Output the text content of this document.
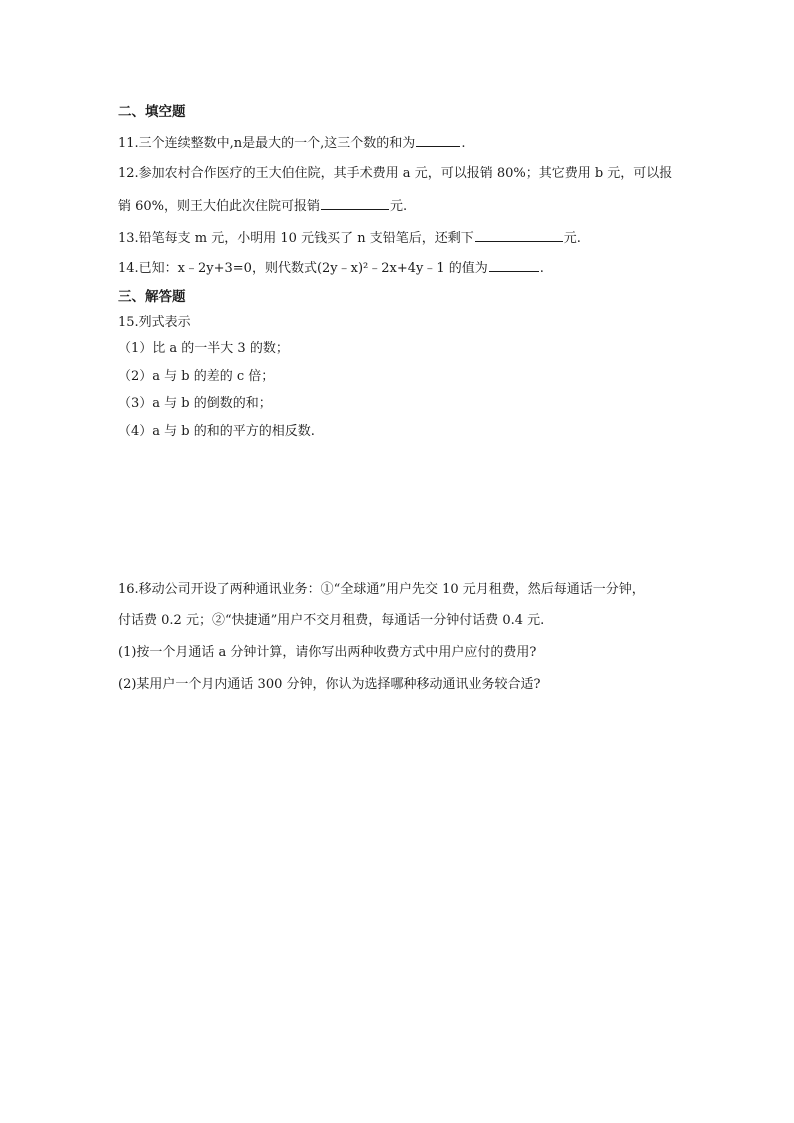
二、填空题
11.三个连续整数中,n是最大的一个,这三个数的和为	.
12.参加农村合作医疗的王大伯住院，其手术费用 a 元，可以报销 80%；其它费用 b 元，可以报
销 60%，则王大伯此次住院可报销	元.
13.铅笔每支 m 元，小明用 10 元钱买了 n 支铅笔后，还剩下	元.
14.已知：x﹣2y+3=0，则代数式(2y﹣x)²﹣2x+4y﹣1 的值为	.
三、解答题
15.列式表示
（1）比 a 的一半大 3 的数；
（2）a 与 b 的差的 c 倍；
（3）a 与 b 的倒数的和；
（4）a 与 b 的和的平方的相反数.
16.移动公司开设了两种通讯业务：①“全球通”用户先交 10 元月租费，然后每通话一分钟，
付话费 0.2 元；②“快捷通”用户不交月租费，每通话一分钟付话费 0.4 元.
(1)按一个月通话 a 分钟计算，请你写出两种收费方式中用户应付的费用?
(2)某用户一个月内通话 300 分钟，你认为选择哪种移动通讯业务较合适?
